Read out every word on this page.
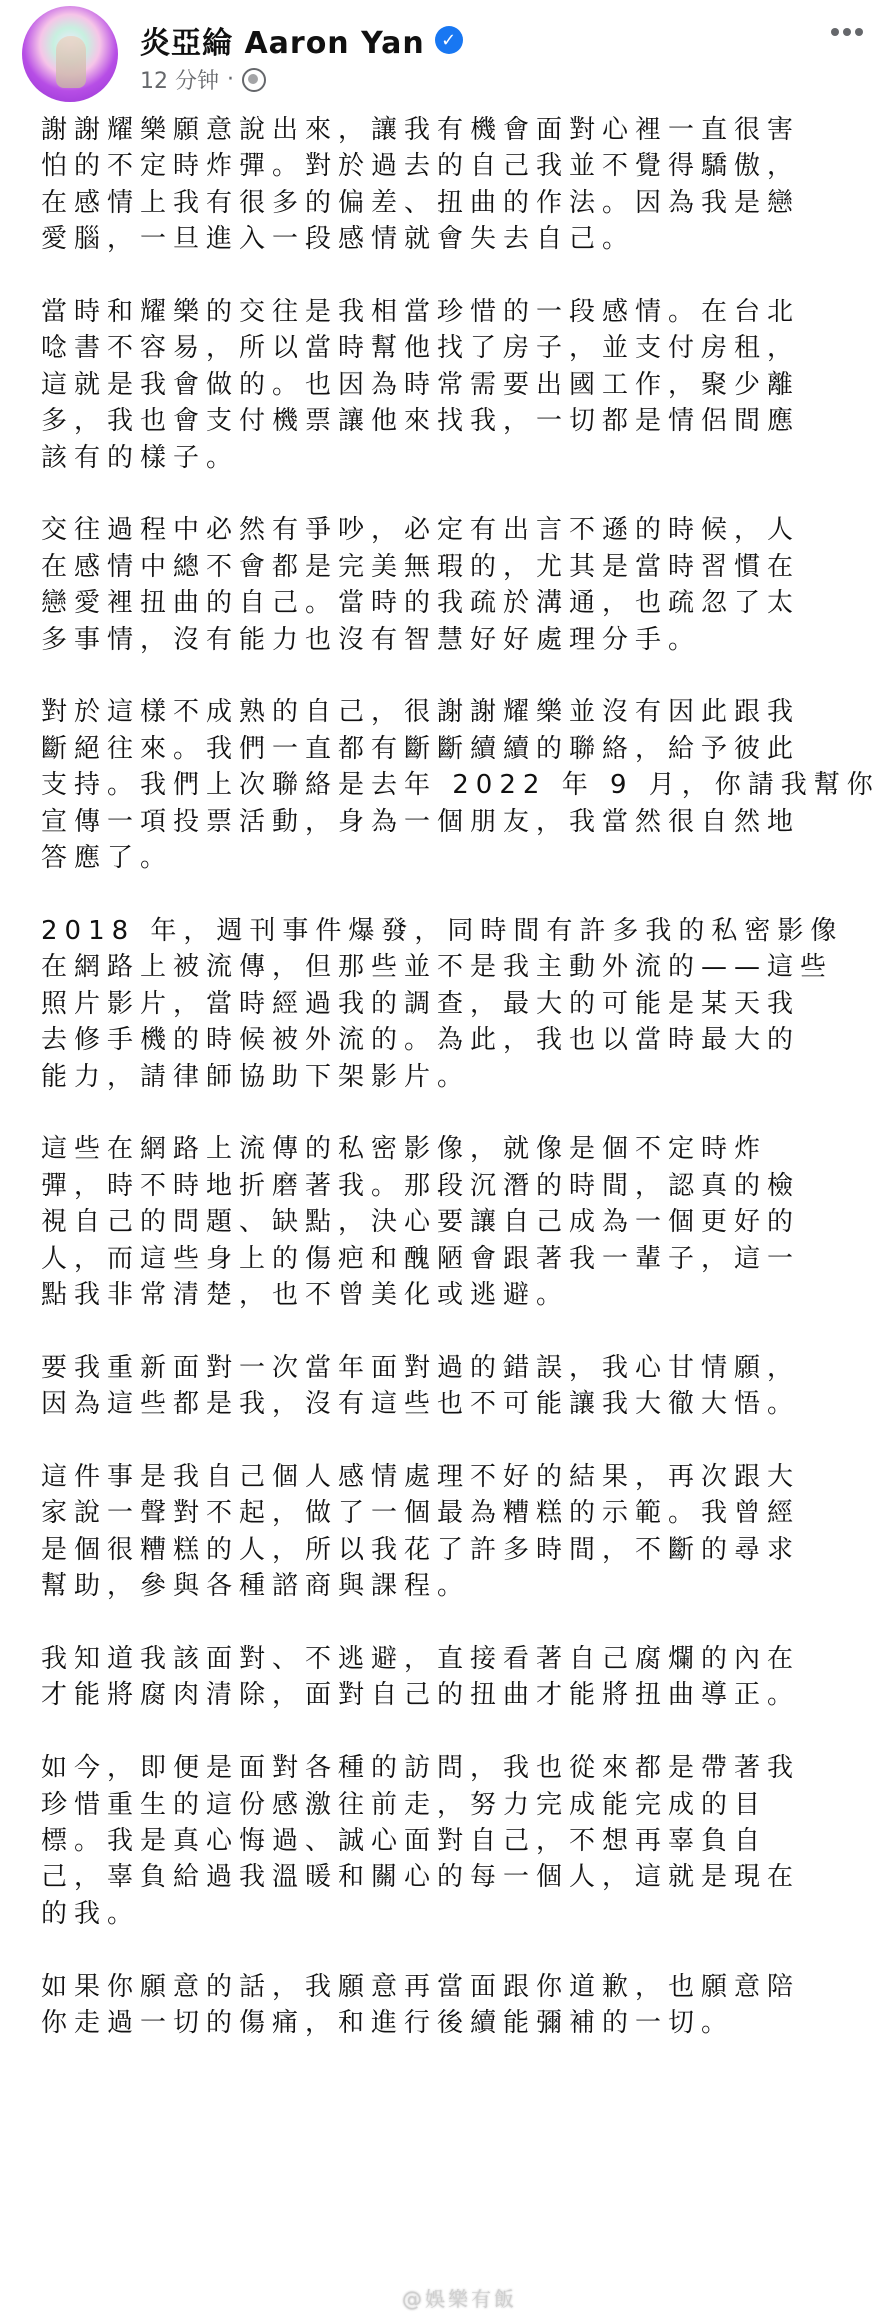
炎亞綸 Aaron Yan ✓
12 分钟 ·
謝謝耀樂願意說出來，讓我有機會面對心裡一直很害
怕的不定時炸彈。對於過去的自己我並不覺得驕傲，
在感情上我有很多的偏差、扭曲的作法。因為我是戀
愛腦，一旦進入一段感情就會失去自己。
當時和耀樂的交往是我相當珍惜的一段感情。在台北
唸書不容易，所以當時幫他找了房子，並支付房租，
這就是我會做的。也因為時常需要出國工作，聚少離
多，我也會支付機票讓他來找我，一切都是情侶間應
該有的樣子。
交往過程中必然有爭吵，必定有出言不遜的時候，人
在感情中總不會都是完美無瑕的，尤其是當時習慣在
戀愛裡扭曲的自己。當時的我疏於溝通，也疏忽了太
多事情，沒有能力也沒有智慧好好處理分手。
對於這樣不成熟的自己，很謝謝耀樂並沒有因此跟我
斷絕往來。我們一直都有斷斷續續的聯絡，給予彼此
支持。我們上次聯絡是去年 2022 年 9 月，你請我幫你
宣傳一項投票活動，身為一個朋友，我當然很自然地
答應了。
2018 年，週刊事件爆發，同時間有許多我的私密影像
在網路上被流傳，但那些並不是我主動外流的——這些
照片影片，當時經過我的調查，最大的可能是某天我
去修手機的時候被外流的。為此，我也以當時最大的
能力，請律師協助下架影片。
這些在網路上流傳的私密影像，就像是個不定時炸
彈，時不時地折磨著我。那段沉潛的時間，認真的檢
視自己的問題、缺點，決心要讓自己成為一個更好的
人，而這些身上的傷疤和醜陋會跟著我一輩子，這一
點我非常清楚，也不曾美化或逃避。
要我重新面對一次當年面對過的錯誤，我心甘情願，
因為這些都是我，沒有這些也不可能讓我大徹大悟。
這件事是我自己個人感情處理不好的結果，再次跟大
家說一聲對不起，做了一個最為糟糕的示範。我曾經
是個很糟糕的人，所以我花了許多時間，不斷的尋求
幫助，參與各種諮商與課程。
我知道我該面對、不逃避，直接看著自己腐爛的內在
才能將腐肉清除，面對自己的扭曲才能將扭曲導正。
如今，即便是面對各種的訪問，我也從來都是帶著我
珍惜重生的這份感激往前走，努力完成能完成的目
標。我是真心悔過、誠心面對自己，不想再辜負自
己，辜負給過我溫暖和關心的每一個人，這就是現在
的我。
如果你願意的話，我願意再當面跟你道歉，也願意陪
你走過一切的傷痛，和進行後續能彌補的一切。
@娛樂有飯
